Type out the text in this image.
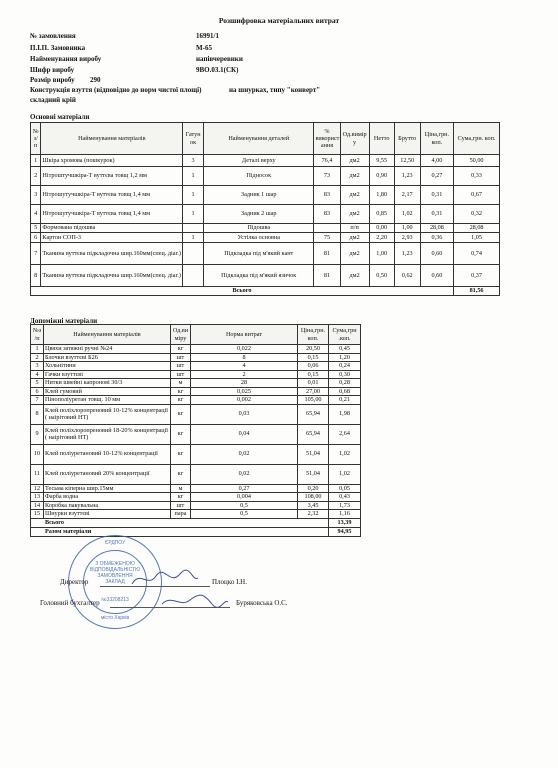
Розшифровка матеріальних витрат
№ замовлення	16991/1
П.І.П. Замовника	M-65
Найменування виробу	напівчеревики
Шифр виробу	9ВО.03.1(СК)
Розмір виробу 290
Конструкція взуття (відповідно до норм чистої площі)	на шнурках, типу "конверт"
складний крій
Основні матеріали
№ з/п	Найменування матеріалів	Гатун ок	Найменування деталей	% використ ання	Од.вимір у	Нетто	Брутто	Ціна,грн. коп.	Сума,грн. коп.
1	Шкіра хромова (пошкурок)	3	Деталі верху	76,4	дм2	9,55	12,50	4,00	50,00
2	Нітроштучшкіра-Т вуттєва товщ 1,2 мм	1	Підносок	73	дм2	0,90	1,23	0,27	0,33
3	Нітрошутучшкіра-Т вуттєва товщ 1,4 мм	1	Задник 1 шар	83	дм2	1,80	2,17	0,31	0,67
4	Нітрошутучшкіра-Т вуттєва товщ 1,4 мм	1	Задник 2 шар	83	дм2	0,85	1,02	0,31	0,32
5	Формована підошва		Підошва		п/п	0,00	1,00	28,08	28,08
6	Картон СОП-3	1	Устілка основна	75	дм2	2,20	2,93	0,36	1,05
7	Тканина вуттєва підкладочна шир.160мм(спец. діаг.)		Підкладка під м'який кант	81	дм2	1,00	1,23	0,60	0,74
8	Тканина вуттєва підкладочна шир.160мм(спец. діаг.)		Підкладка під м'який язичок	81	дм2	0,50	0,62	0,60	0,37
Всього									81,56
Допоміжні матеріали
№з /п	Найменування матеріалів	Од.ви міру	Норма витрат	Ціна,грн. коп.	Сума,грн .коп.
1	Цвяхи затяжні ручні №24	кг	0,022	20,50	0,45
2	Блочки взуттєві Б26	шт	8	0,15	1,20
3	Хольнітини	шт	4	0,06	0,24
4	Гачки взуттєві	шт	2	0,15	0,30
5	Нитки швейні капронові 30/3	м	28	0,01	0,28
6	Клей гумовий	кг	0,025	27,00	0,68
7	Пінополіуретан товщ. 10 мм	кг	0,002	105,00	0,21
8	Клей поліхлоропреновий 10-12% концентрації ( наірітовий НТ)	кг	0,03	65,94	1,98
9	Клей поліхлоропреновий 18-20% концентрації ( наірітовий НТ)	кг	0,04	65,94	2,64
10	Клей поліуретановий 10-12% концентрації	кг	0,02	51,04	1,02
11	Клей поліуретановий 20% концентрації	кг	0,02	51,04	1,02
12	Тесьма кіперна шир.15мм	м	0,27	0,20	0,05
13	Фарба водна	кг	0,004	108,00	0,43
14	Коробка пакувальна	шт	0,5	3,45	1,73
15	Шнурки взуттєві	пара	0,5	2,32	1,16
Всього					13,39
Разом матеріали					94,95
ЄРДПОУ
З ОБМЕЖЕНОЮ
ВІДПОВІДАЛЬНІСТЮ
ЗАМОВЛЕННЯ
ЗАКЛАД
№33208213
місто Харків
Директор	Плоцко І.Н.
Головний бухгалтер	Буряковська О.С.
